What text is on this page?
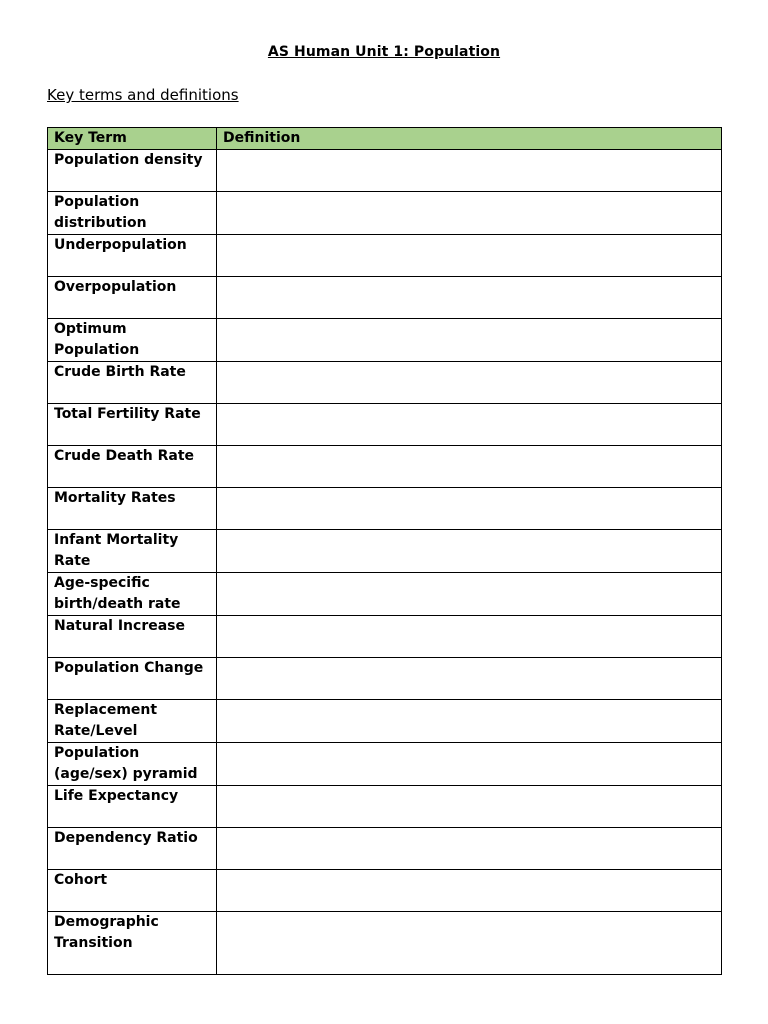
AS Human Unit 1: Population
Key terms and definitions
Key Term	Definition
Population density	
Population distribution	
Underpopulation	
Overpopulation	
Optimum Population	
Crude Birth Rate	
Total Fertility Rate	
Crude Death Rate	
Mortality Rates	
Infant Mortality Rate	
Age-specific birth/death rate	
Natural Increase	
Population Change	
Replacement Rate/Level	
Population (age/sex) pyramid	
Life Expectancy	
Dependency Ratio	
Cohort	
Demographic Transition	
